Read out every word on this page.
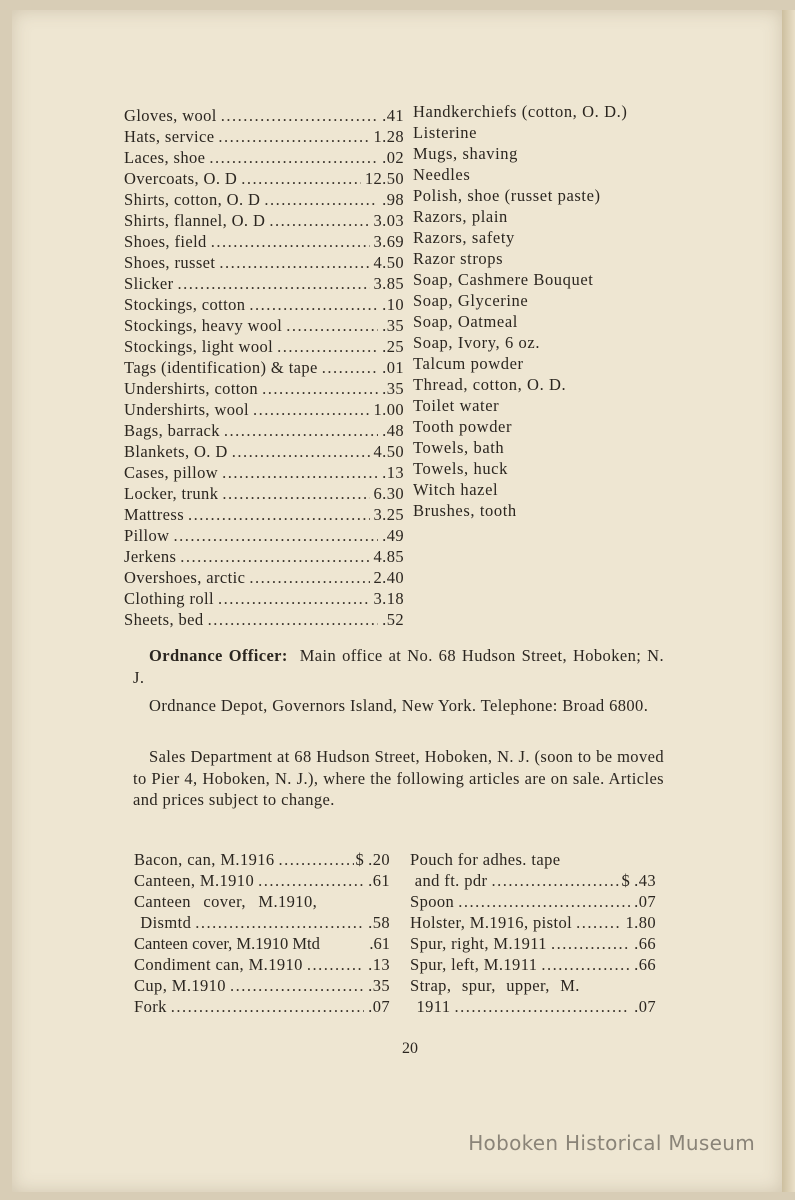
Gloves, wool .....	.41
Hats, service .....	1.28
Laces, shoe .....	.02
Overcoats, O. D .....	12.50
Shirts, cotton, O. D .....	.98
Shirts, flannel, O. D .....	3.03
Shoes, field .....	3.69
Shoes, russet .....	4.50
Slicker .....	3.85
Stockings, cotton .....	.10
Stockings, heavy wool .....	.35
Stockings, light wool .....	.25
Tags (identification) & tape .....	.01
Undershirts, cotton .....	.35
Undershirts, wool .....	1.00
Bags, barrack .....	.48
Blankets, O. D .....	4.50
Cases, pillow .....	.13
Locker, trunk .....	6.30
Mattress .....	3.25
Pillow .....	.49
Jerkens .....	4.85
Overshoes, arctic .....	2.40
Clothing roll .....	3.18
Sheets, bed .....	.52
Handkerchiefs (cotton, O. D.)
Listerine
Mugs, shaving
Needles
Polish, shoe (russet paste)
Razors, plain
Razors, safety
Razor strops
Soap, Cashmere Bouquet
Soap, Glycerine
Soap, Oatmeal
Soap, Ivory, 6 oz.
Talcum powder
Thread, cotton, O. D.
Toilet water
Tooth powder
Towels, bath
Towels, huck
Witch hazel
Brushes, tooth

Ordnance Officer: Main office at No. 68 Hudson Street, Hoboken; N. J.

Ordnance Depot, Governors Island, New York. Telephone: Broad 6800.

Sales Department at 68 Hudson Street, Hoboken, N. J. (soon to be moved to Pier 4, Hoboken, N. J.), where the following articles are on sale. Articles and prices subject to change.

Bacon, can, M.1916 .....	$ .20
Canteen, M.1910 .....	.61
Canteen cover, M.1910,
Dismtd .....	.58
Canteen cover, M.1910 Mtd	.61
Condiment can, M.1910 .....	.13
Cup, M.1910 .....	.35
Fork .....	.07
Pouch for adhes. tape
and ft. pdr .....	$ .43
Spoon .....	.07
Holster, M.1916, pistol .....	1.80
Spur, right, M.1911 .....	.66
Spur, left, M.1911 .....	.66
Strap, spur, upper, M.
1911 .....	.07
20
Hoboken Historical Museum
